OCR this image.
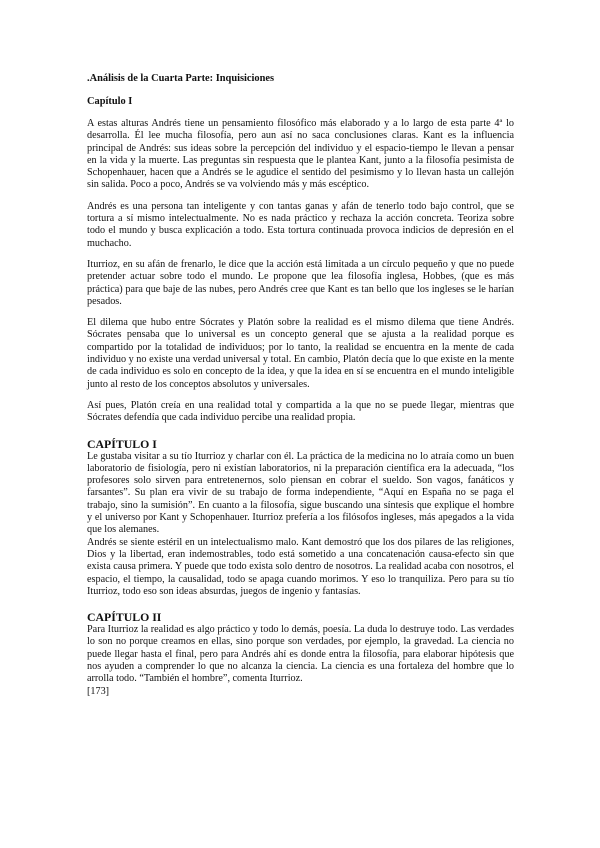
.Análisis de la Cuarta Parte: Inquisiciones
Capítulo I

A estas alturas Andrés tiene un pensamiento filosófico más elaborado y a lo largo de esta parte 4ª lo desarrolla. Él lee mucha filosofía, pero aun así no saca conclusiones claras. Kant es la influencia principal de Andrés: sus ideas sobre la percepción del individuo y el espacio-tiempo le llevan a pensar en la vida y la muerte. Las preguntas sin respuesta que le plantea Kant, junto a la filosofía pesimista de Schopenhauer, hacen que a Andrés se le agudice el sentido del pesimismo y lo llevan hasta un callejón sin salida. Poco a poco, Andrés se va volviendo más y más escéptico.

Andrés es una persona tan inteligente y con tantas ganas y afán de tenerlo todo bajo control, que se tortura a sí mismo intelectualmente. No es nada práctico y rechaza la acción concreta. Teoriza sobre todo el mundo y busca explicación a todo. Esta tortura continuada provoca indicios de depresión en el muchacho.

Iturrioz, en su afán de frenarlo, le dice que la acción está limitada a un círculo pequeño y que no puede pretender actuar sobre todo el mundo. Le propone que lea filosofía inglesa, Hobbes, (que es más práctica) para que baje de las nubes, pero Andrés cree que Kant es tan bello que los ingleses se le harían pesados.

El dilema que hubo entre Sócrates y Platón sobre la realidad es el mismo dilema que tiene Andrés. Sócrates pensaba que lo universal es un concepto general que se ajusta a la realidad porque es compartido por la totalidad de individuos; por lo tanto, la realidad se encuentra en la mente de cada individuo y no existe una verdad universal y total. En cambio, Platón decía que lo que existe en la mente de cada individuo es solo en concepto de la idea, y que la idea en sí se encuentra en el mundo inteligible junto al resto de los conceptos absolutos y universales.

Así pues, Platón creía en una realidad total y compartida a la que no se puede llegar, mientras que Sócrates defendía que cada individuo percibe una realidad propia.

CAPÍTULO I

Le gustaba visitar a su tío Iturrioz y charlar con él. La práctica de la medicina no lo atraía como un buen laboratorio de fisiología, pero ni existían laboratorios, ni la preparación científica era la adecuada, “los profesores solo sirven para entretenernos, solo piensan en cobrar el sueldo. Son vagos, fanáticos y farsantes”. Su plan era vivir de su trabajo de forma independiente, “Aquí en España no se paga el trabajo, sino la sumisión”. En cuanto a la filosofía, sigue buscando una síntesis que explique el hombre y el universo por Kant y Schopenhauer. Iturrioz prefería a los filósofos ingleses, más apegados a la vida que los alemanes.

Andrés se siente estéril en un intelectualismo malo. Kant demostró que los dos pilares de las religiones, Dios y la libertad, eran indemostrables, todo está sometido a una concatenación causa-efecto sin que exista causa primera. Y puede que todo exista solo dentro de nosotros. La realidad acaba con nosotros, el espacio, el tiempo, la causalidad, todo se apaga cuando morimos. Y eso lo tranquiliza. Pero para su tío Iturrioz, todo eso son ideas absurdas, juegos de ingenio y fantasías.

CAPÍTULO II

Para Iturrioz la realidad es algo práctico y todo lo demás, poesía. La duda lo destruye todo. Las verdades lo son no porque creamos en ellas, sino porque son verdades, por ejemplo, la gravedad. La ciencia no puede llegar hasta el final, pero para Andrés ahí es donde entra la filosofía, para elaborar hipótesis que nos ayuden a comprender lo que no alcanza la ciencia. La ciencia es una fortaleza del hombre que lo arrolla todo. “También el hombre”, comenta Iturrioz.

[173]
